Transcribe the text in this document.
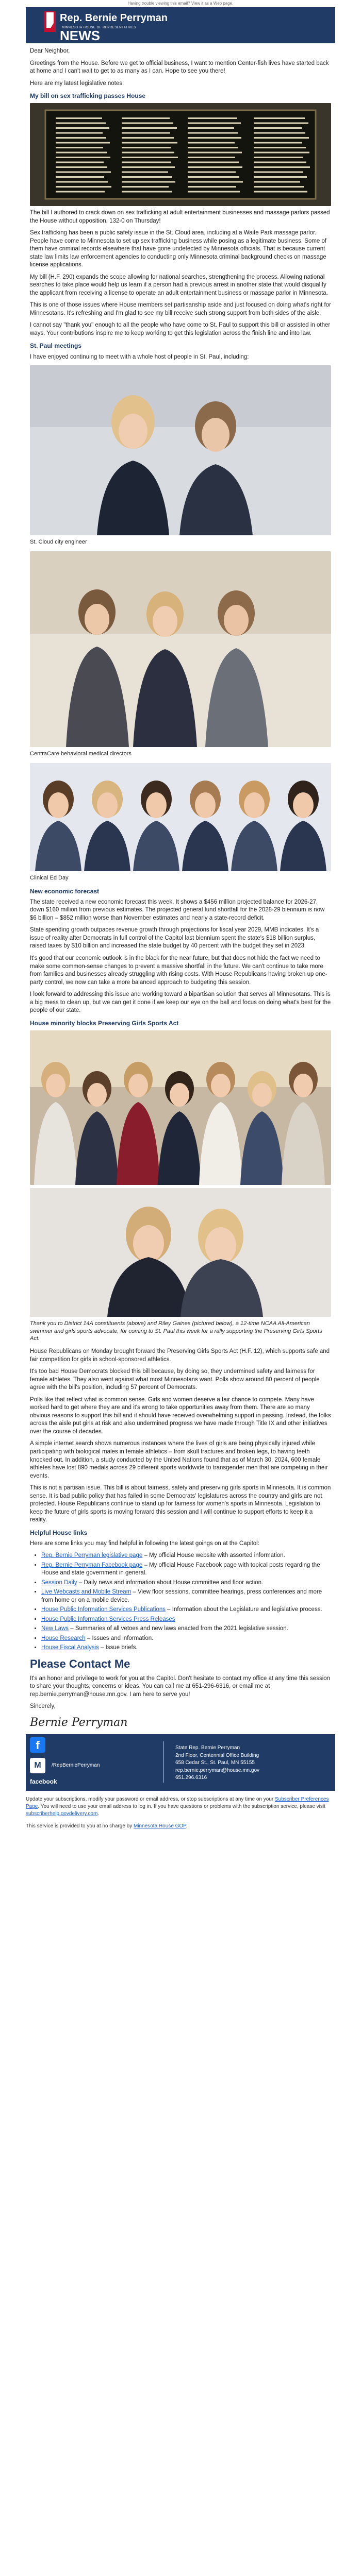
Having trouble viewing this email? View it as a Web page.
Rep. Bernie Perryman
MINNESOTA HOUSE OF REPRESENTATIVES
NEWS

Dear Neighbor,

Greetings from the House. Before we get to official business, I want to mention Center-fish lives have started back at home and I can't wait to get to as many as I can. Hope to see you there!

Here are my latest legislative notes:

My bill on sex trafficking passes House

The bill I authored to crack down on sex trafficking at adult entertainment businesses and massage parlors passed the House without opposition, 132-0 on Thursday!

Sex trafficking has been a public safety issue in the St. Cloud area, including at a Waite Park massage parlor. People have come to Minnesota to set up sex trafficking business while posing as a legitimate business. Some of them have criminal records elsewhere that have gone undetected by Minnesota officials. That is because current state law limits law enforcement agencies to conducting only Minnesota criminal background checks on massage license applications.

My bill (H.F. 290) expands the scope allowing for national searches, strengthening the process. Allowing national searches to take place would help us learn if a person had a previous arrest in another state that would disqualify the applicant from receiving a license to operate an adult entertainment business or massage parlor in Minnesota.

This is one of those issues where House members set partisanship aside and just focused on doing what's right for Minnesotans. It's refreshing and I'm glad to see my bill receive such strong support from both sides of the aisle.

I cannot say "thank you" enough to all the people who have come to St. Paul to support this bill or assisted in other ways. Your contributions inspire me to keep working to get this legislation across the finish line and into law.

St. Paul meetings

I have enjoyed continuing to meet with a whole host of people in St. Paul, including:

St. Cloud city engineer

CentraCare behavioral medical directors

Clinical Ed Day

New economic forecast

The state received a new economic forecast this week. It shows a $456 million projected balance for 2026-27, down $160 million from previous estimates. The projected general fund shortfall for the 2028-29 biennium is now $6 billion – $852 million worse than November estimates and nearly a state-record deficit.

State spending growth outpaces revenue growth through projections for fiscal year 2029, MMB indicates. It's a issue of reality after Democrats in full control of the Capitol last biennium spent the state's $18 billion surplus, raised taxes by $10 billion and increased the state budget by 40 percent with the budget they set in 2023.

It's good that our economic outlook is in the black for the near future, but that does not hide the fact we need to make some common-sense changes to prevent a massive shortfall in the future. We can't continue to take more from families and businesses already struggling with rising costs. With House Republicans having broken up one-party control, we now can take a more balanced approach to budgeting this session.

I look forward to addressing this issue and working toward a bipartisan solution that serves all Minnesotans. This is a big mess to clean up, but we can get it done if we keep our eye on the ball and focus on doing what's best for the people of our state.

House minority blocks Preserving Girls Sports Act

Thank you to District 14A constituents (above) and Riley Gaines (pictured below), a 12-time NCAA All-American swimmer and girls sports advocate, for coming to St. Paul this week for a rally supporting the Preserving Girls Sports Act.

House Republicans on Monday brought forward the Preserving Girls Sports Act (H.F. 12), which supports safe and fair competition for girls in school-sponsored athletics.

It's too bad House Democrats blocked this bill because, by doing so, they undermined safety and fairness for female athletes. They also went against what most Minnesotans want. Polls show around 80 percent of people agree with the bill's position, including 57 percent of Democrats.

Polls like that reflect what is common sense. Girls and women deserve a fair chance to compete. Many have worked hard to get where they are and it's wrong to take opportunities away from them. There are so many obvious reasons to support this bill and it should have received overwhelming support in passing. Instead, the folks across the aisle put girls at risk and also undermined progress we have made through Title IX and other initiatives over the course of decades.

A simple internet search shows numerous instances where the lives of girls are being physically injured while participating with biological males in female athletics – from skull fractures and broken legs, to having teeth knocked out. In addition, a study conducted by the United Nations found that as of March 30, 2024, 600 female athletes have lost 890 medals across 29 different sports worldwide to transgender men that are competing in their events.

This is not a partisan issue. This bill is about fairness, safety and preserving girls sports in Minnesota. It is common sense. It is bad public policy that has failed in some Democrats' legislatures across the country and girls are not protected. House Republicans continue to stand up for fairness for women's sports in Minnesota. Legislation to keep the future of girls sports is moving forward this session and I will continue to support efforts to keep it a reality.

Helpful House links

Here are some links you may find helpful in following the latest goings on at the Capitol:

• Rep. Bernie Perryman legislative page – My official House website with assorted information.
• Rep. Bernie Perryman Facebook page – My official House Facebook page with topical posts regarding the House and state government in general.
• Session Daily – Daily news and information about House committee and floor action.
• Live Webcasts and Mobile Stream – View floor sessions, committee hearings, press conferences and more from home or on a mobile device.
• House Public Information Services Publications – Information about the Legislature and legislative process.
• House Public Information Services Press Releases
• New Laws – Summaries of all vetoes and new laws enacted from the 2021 legislative session.
• House Research – Issues and information.
• House Fiscal Analysis – Issue briefs.
Please Contact Me

It's an honor and privilege to work for you at the Capitol. Don't hesitate to contact my office at any time this session to share your thoughts, concerns or ideas. You can call me at 651-296-6316, or email me at rep.bernie.perryman@house.mn.gov. I am here to serve you!

Sincerely,

Bernie Perryman
f
M	/RepBerniePerryman
facebook
State Rep. Bernie Perryman
2nd Floor, Centennial Office Building
658 Cedar St., St. Paul, MN 55155
rep.bernie.perryman@house.mn.gov
651.296.6316

Update your subscriptions, modify your password or email address, or stop subscriptions at any time on your Subscriber Preferences Page. You will need to use your email address to log in. If you have questions or problems with the subscription service, please visit subscriberhelp.govdelivery.com.

This service is provided to you at no charge by Minnesota House GOP.
